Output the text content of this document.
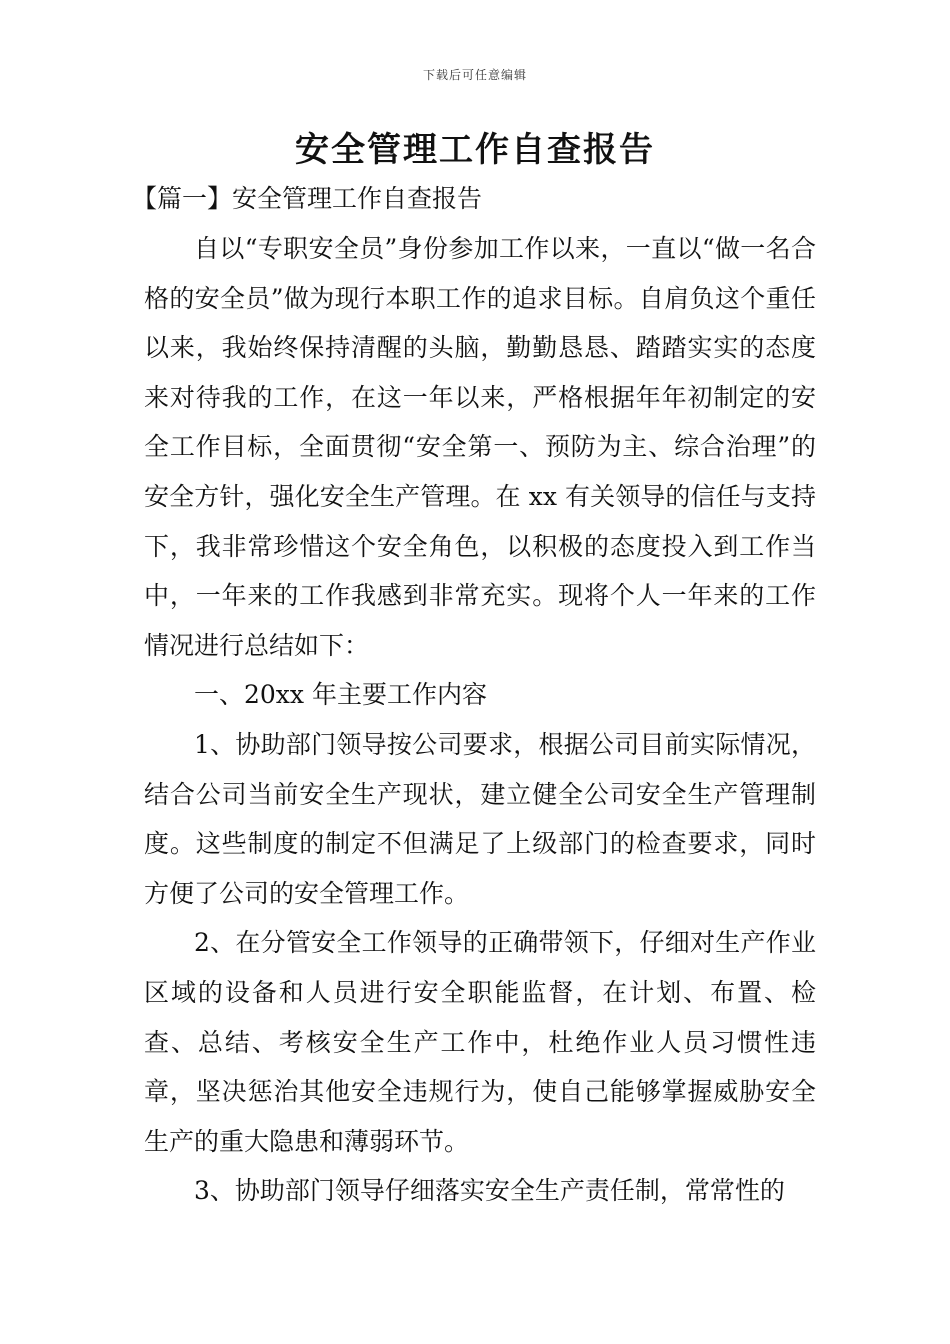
下载后可任意编辑
安全管理工作自查报告
【篇一】安全管理工作自查报告

自以“专职安全员”身份参加工作以来，一直以“做一名合格的安全员”做为现行本职工作的追求目标。自肩负这个重任以来，我始终保持清醒的头脑，勤勤恳恳、踏踏实实的态度来对待我的工作，在这一年以来，严格根据年年初制定的安全工作目标，全面贯彻“安全第一、预防为主、综合治理”的安全方针，强化安全生产管理。在 xx 有关领导的信任与支持下，我非常珍惜这个安全角色，以积极的态度投入到工作当中，一年来的工作我感到非常充实。现将个人一年来的工作情况进行总结如下：

一、20xx 年主要工作内容

1、协助部门领导按公司要求，根据公司目前实际情况，结合公司当前安全生产现状，建立健全公司安全生产管理制度。这些制度的制定不但满足了上级部门的检查要求，同时方便了公司的安全管理工作。

2、在分管安全工作领导的正确带领下，仔细对生产作业区域的设备和人员进行安全职能监督，在计划、布置、检查、总结、考核安全生产工作中，杜绝作业人员习惯性违章，坚决惩治其他安全违规行为，使自己能够掌握威胁安全生产的重大隐患和薄弱环节。

3、协助部门领导仔细落实安全生产责任制，常常性的
